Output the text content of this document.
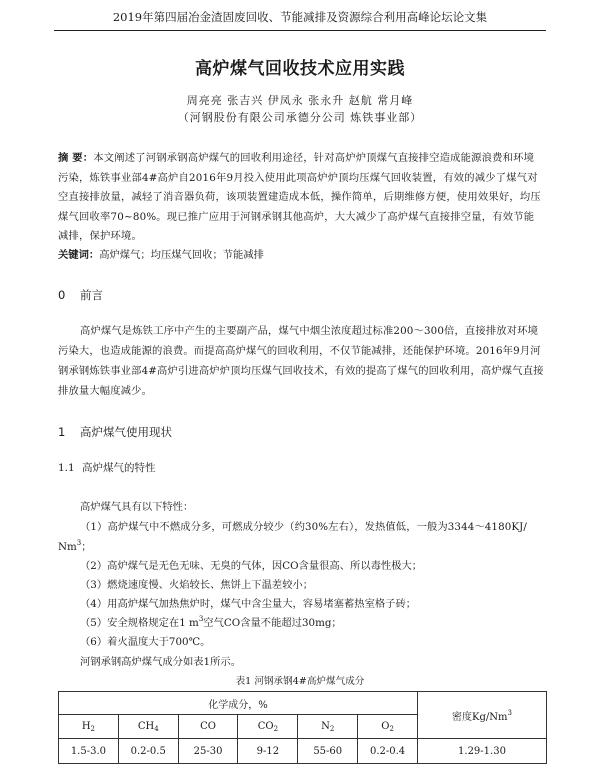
2019年第四届冶金渣固废回收、节能减排及资源综合利用高峰论坛论文集
高炉煤气回收技术应用实践
周亮亮 张吉兴 伊凤永 张永升 赵航 常月峰
（河钢股份有限公司承德分公司 炼铁事业部）
摘 要：本文阐述了河钢承钢高炉煤气的回收利用途径，针对高炉炉顶煤气直接排空造成能源浪费和环境污染，炼铁事业部4#高炉自2016年9月投入使用此项高炉炉顶均压煤气回收装置，有效的减少了煤气对空直接排放量，减轻了消音器负荷，该项装置建造成本低，操作简单，后期维修方便，使用效果好，均压煤气回收率70~80%。现已推广应用于河钢承钢其他高炉，大大减少了高炉煤气直接排空量，有效节能减排，保护环境。
关键词：高炉煤气；均压煤气回收；节能减排
0 前言
高炉煤气是炼铁工序中产生的主要副产品，煤气中烟尘浓度超过标准200～300倍，直接排放对环境污染大，也造成能源的浪费。而提高高炉煤气的回收利用，不仅节能减排，还能保护环境。2016年9月河钢承钢炼铁事业部4#高炉引进高炉炉顶均压煤气回收技术，有效的提高了煤气的回收利用，高炉煤气直接排放量大幅度减少。
1 高炉煤气使用现状
1.1 高炉煤气的特性
高炉煤气具有以下特性：
（1）高炉煤气中不燃成分多，可燃成分较少（约30%左右），发热值低，一般为3344～4180KJ/
Nm$^3$；
（2）高炉煤气是无色无味、无臭的气体，因CO含量很高、所以毒性极大；
（3）燃烧速度慢、火焰较长、焦饼上下温差较小；
（4）用高炉煤气加热焦炉时，煤气中含尘量大，容易堵塞蓄热室格子砖；
（5）安全规格规定在1 $m^3$空气CO含量不能超过30mg；
（6）着火温度大于700℃。
河钢承钢高炉煤气成分如表1所示。
表1 河钢承钢4#高炉煤气成分
化学成分，%						密度Kg/Nm$^3$
$H_2$	$CH_4$	CO	$CO_2$	$N_2$	$O_2$
1.5-3.0	0.2-0.5	25-30	9-12	55-60	0.2-0.4	1.29-1.30
